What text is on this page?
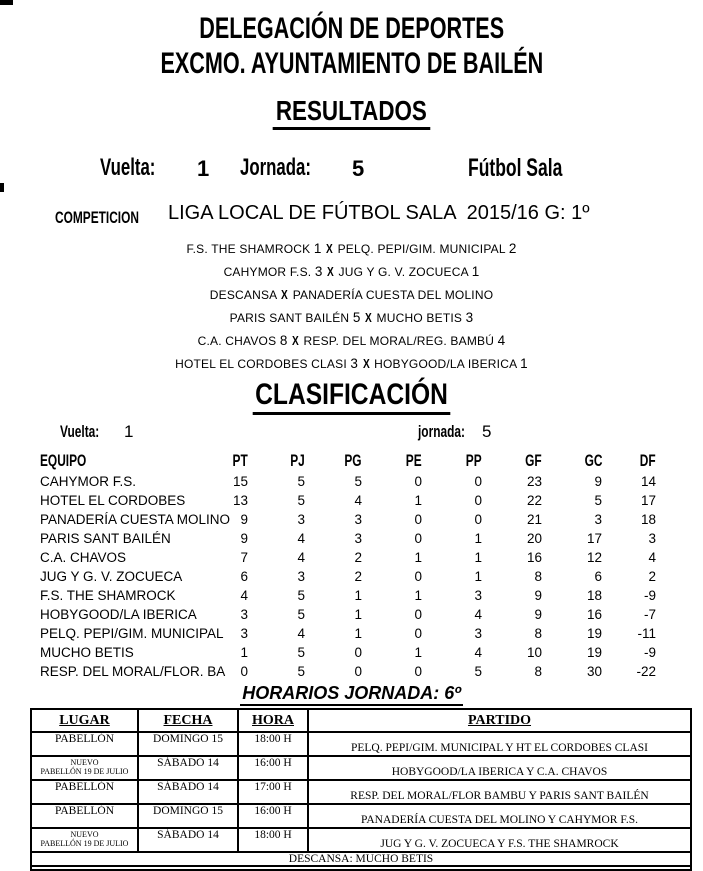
DELEGACIÓN DE DEPORTES
EXCMO. AYUNTAMIENTO DE BAILÉN
RESULTADOS
Vuelta: 1 Jornada: 5	Fútbol Sala
COMPETICION LIGA LOCAL DE FÚTBOL SALA  2015/16 G: 1º
F.S. THE SHAMROCK 1 X PELQ. PEPI/GIM. MUNICIPAL 2
CAHYMOR F.S. 3 X JUG Y G. V. ZOCUECA 1
DESCANSA X PANADERÍA CUESTA DEL MOLINO
PARIS SANT BAILÉN 5 X MUCHO BETIS 3
C.A. CHAVOS 8 X RESP. DEL MORAL/REG. BAMBÚ 4
HOTEL EL CORDOBES CLASI 3 X HOBYGOOD/LA IBERICA 1
CLASIFICACIÓN
Vuelta: 1	jornada: 5
EQUIPO	PT	PJ	PG	PE	PP	GF	GC	DF
CAHYMOR F.S.	15	5	5	0	0	23	9	14
HOTEL EL CORDOBES	13	5	4	1	0	22	5	17
PANADERÍA CUESTA MOLINO	9	3	3	0	0	21	3	18
PARIS SANT BAILÉN	9	4	3	0	1	20	17	3
C.A. CHAVOS	7	4	2	1	1	16	12	4
JUG Y G. V. ZOCUECA	6	3	2	0	1	8	6	2
F.S. THE SHAMROCK	4	5	1	1	3	9	18	-9
HOBYGOOD/LA IBERICA	3	5	1	0	4	9	16	-7
PELQ. PEPI/GIM. MUNICIPAL	3	4	1	0	3	8	19	-11
MUCHO BETIS	1	5	0	1	4	10	19	-9
RESP. DEL MORAL/FLOR. BA	0	5	0	0	5	8	30	-22
HORARIOS JORNADA: 6º
LUGAR	FECHA	HORA	PARTIDO

PABELLÓN	DOMINGO 15	18:00 H	PELQ. PEPI/GIM. MUNICIPAL Y HT EL CORDOBES CLASI

NUEVO
PABELLÓN 19 DE JULIO	SÁBADO 14	16:00 H	HOBYGOOD/LA IBERICA Y C.A. CHAVOS

PABELLÓN	SÁBADO 14	17:00 H	RESP. DEL MORAL/FLOR BAMBU Y PARIS SANT BAILÉN

PABELLÓN	DOMINGO 15	16:00 H	PANADERÍA CUESTA DEL MOLINO Y CAHYMOR F.S.

NUEVO
PABELLÓN 19 DE JULIO	SÁBADO 14	18:00 H	JUG Y G. V. ZOCUECA Y F.S. THE SHAMROCK
DESCANSA: MUCHO BETIS			
